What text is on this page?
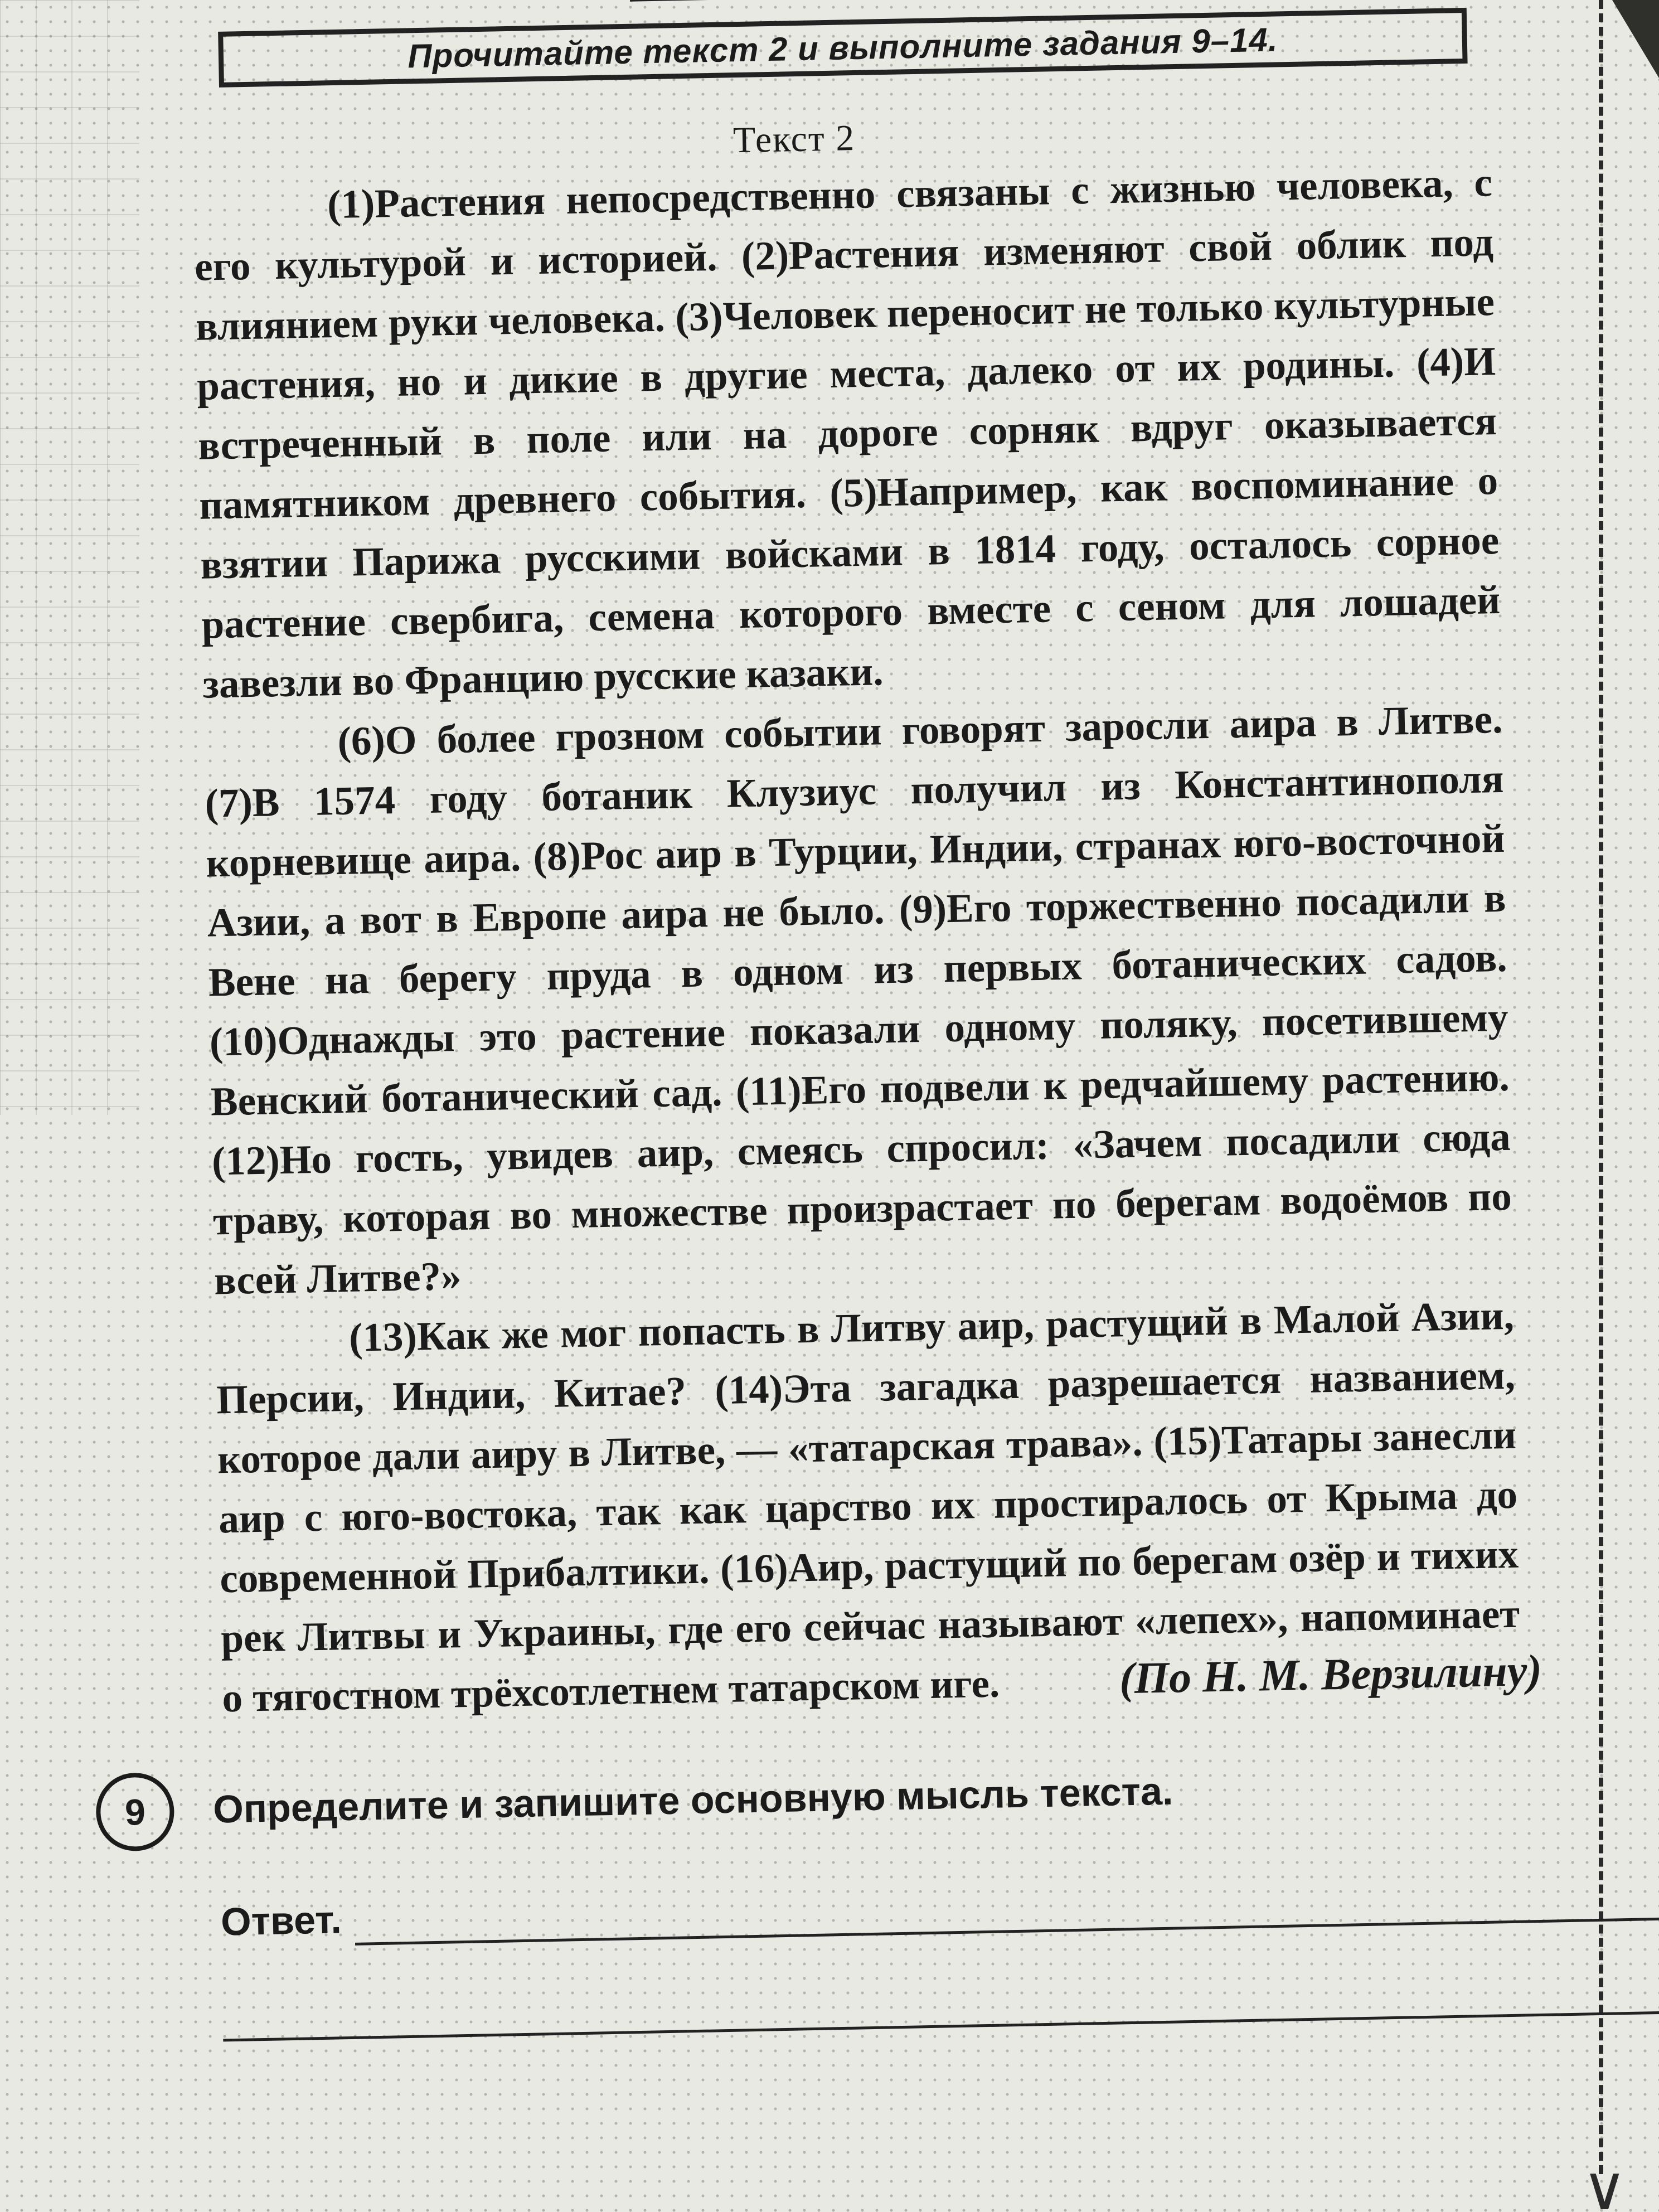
∨
Прочитайте текст 2 и выполните задания 9–14.
Текст 2

(1)Растения непосредственно связаны с жизнью человека, с его культурой и историей. (2)Растения изменяют свой облик под влиянием руки человека. (3)Человек переносит не только культурные растения, но и дикие в другие места, далеко от их родины. (4)И встреченный в поле или на дороге сорняк вдруг оказывается памятником древнего события. (5)Например, как воспоминание о взятии Парижа русскими войсками в 1814 году, осталось сорное растение свербига, семена которого вместе с сеном для лошадей завезли во Францию русские казаки.

(6)О более грозном событии говорят заросли аира в Литве. (7)В 1574 году ботаник Клузиус получил из Константинополя корневище аира. (8)Рос аир в Турции, Индии, странах юго-восточной Азии, а вот в Европе аира не было. (9)Его торжественно посадили в Вене на берегу пруда в одном из первых ботанических садов. (10)Однажды это растение показали одному поляку, посетившему Венский ботанический сад. (11)Его подвели к редчайшему растению. (12)Но гость, увидев аир, смеясь спросил: «Зачем посадили сюда траву, которая во множестве произрастает по берегам водоёмов по всей Литве?»

(13)Как же мог попасть в Литву аир, растущий в Малой Азии, Персии, Индии, Китае? (14)Эта загадка разрешается названием, которое дали аиру в Литве, — «татарская трава». (15)Татары занесли аир с юго-востока, так как царство их простиралось от Крыма до современной Прибалтики. (16)Аир, растущий по берегам озёр и тихих рек Литвы и Украины, где его сейчас называют «лепех», напоминает о тягостном трёхсотлетнем татарском иге.	(По Н. М. Верзилину)
9	Определите и запишите основную мысль текста.
Ответ.
